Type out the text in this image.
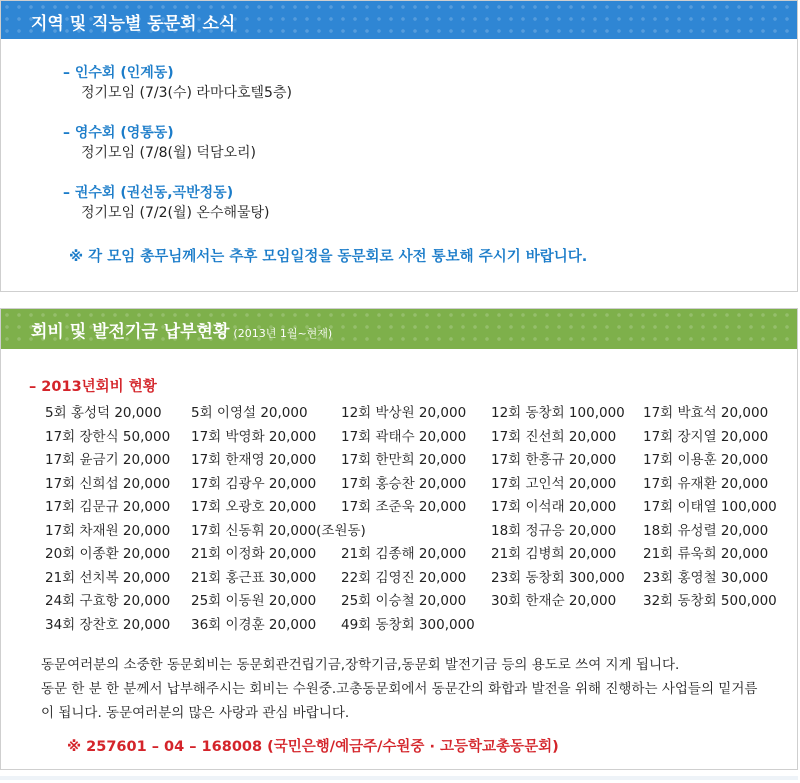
지역 및 직능별 동문회 소식
– 인수회 (인계동)
정기모임 (7/3(수) 라마다호텔5층)
– 영수회 (영통동)
정기모임 (7/8(월) 덕담오리)
– 권수회 (권선동,곡반정동)
정기모임 (7/2(월) 온수해물탕)
※ 각 모임 총무님께서는 추후 모임일정을 동문회로 사전 통보해 주시기 바랍니다.
회비 및 발전기금 납부현황 (2013년 1월~현재)
– 2013년회비 현황
5회 홍성덕 20,000 5회 이영설 20,000 12회 박상원 20,000 12회 동창회 100,000 17회 박효석 20,000
17회 장한식 50,000 17회 박영화 20,000 17회 곽태수 20,000 17회 진선희 20,000 17회 장지열 20,000
17회 윤금기 20,000 17회 한재영 20,000 17회 한만희 20,000 17회 한흥규 20,000 17회 이용훈 20,000
17회 신희섭 20,000 17회 김광우 20,000 17회 홍승찬 20,000 17회 고인석 20,000 17회 유재환 20,000
17회 김문규 20,000 17회 오광호 20,000 17회 조준욱 20,000 17회 이석래 20,000 17회 이태열 100,000
17회 차재원 20,000 17회 신동휘 20,000(조원동)	18회 정규응 20,000 18회 유성렬 20,000
20회 이종환 20,000 21회 이정화 20,000 21회 김종해 20,000 21회 김병희 20,000 21회 류욱희 20,000
21회 선치복 20,000 21회 홍근표 30,000 22회 김영진 20,000 23회 동창회 300,000 23회 홍영철 30,000
24회 구효항 20,000 25회 이동원 20,000 25회 이승철 20,000 30회 한재순 20,000 32회 동창회 500,000
34회 장찬호 20,000 36회 이경훈 20,000 49회 동창회 300,000
동문여러분의 소중한 동문회비는 동문회관건립기금,장학기금,동문회 발전기금 등의 용도로 쓰여 지게 됩니다.
동문 한 분 한 분께서 납부해주시는 회비는 수원중.고총동문회에서 동문간의 화합과 발전을 위해 진행하는 사업들의 밑거름이 됩니다. 동문여러분의 많은 사랑과 관심 바랍니다.
※ 257601 – 04 – 168008 (국민은행/예금주/수원중 · 고등학교총동문회)
